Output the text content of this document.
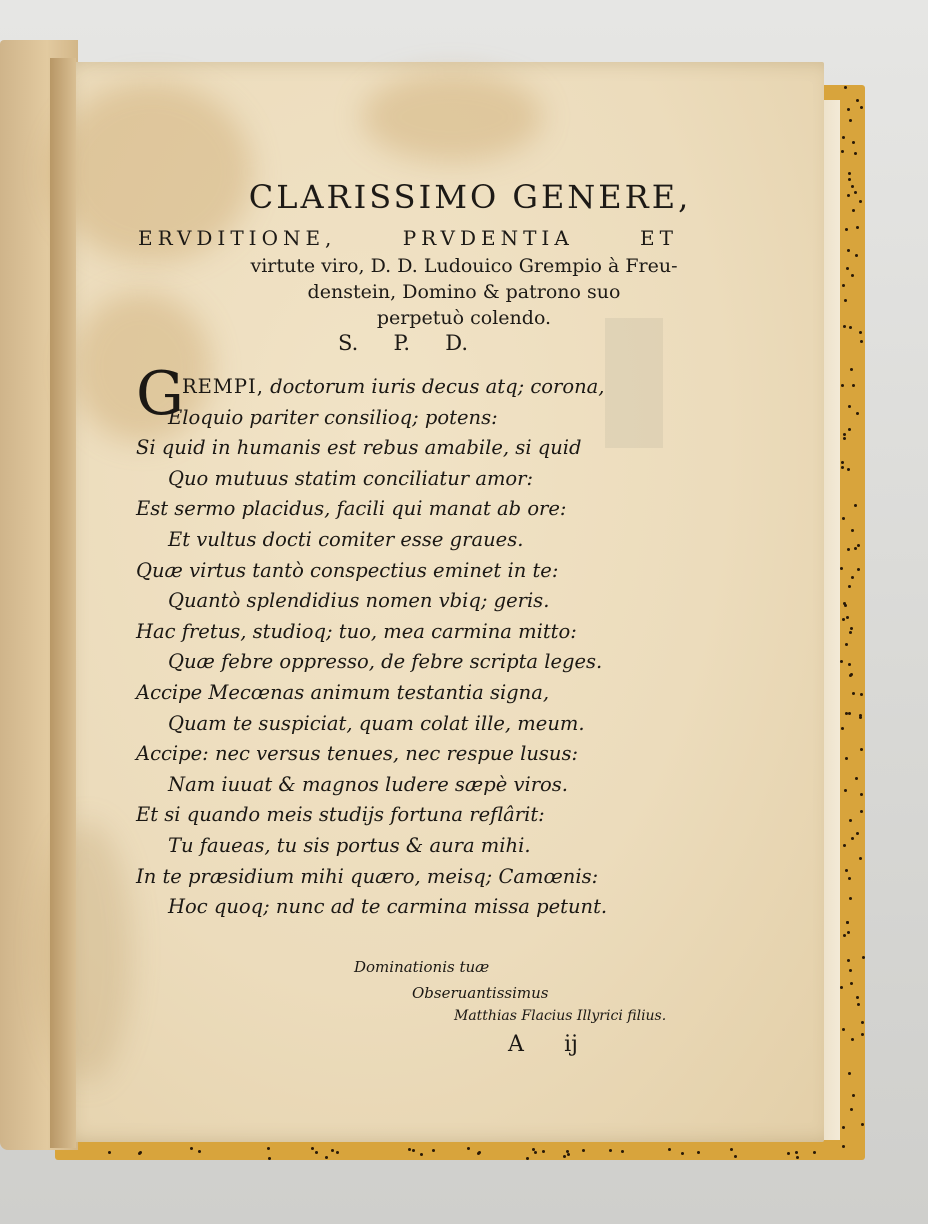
CLARISSIMO GENERE,
ERVDITIONE, PRVDENTIA ET
virtute viro, D. D. Ludouico Grempio à Freu-
denstein, Domino & patrono suo
perpetuò colendo.
S. P. D.
G
REMPI, doctorum iuris decus atq; corona,
Eloquio pariter consilioq; potens:
Si quid in humanis est rebus amabile, si quid
Quo mutuus statim conciliatur amor:
Est sermo placidus, facili qui manat ab ore:
Et vultus docti comiter esse graues.
Quæ virtus tantò conspectius eminet in te:
Quantò splendidius nomen vbiq; geris.
Hac fretus, studioq; tuo, mea carmina mitto:
Quæ febre oppresso, de febre scripta leges.
Accipe Mecœnas animum testantia signa,
Quam te suspiciat, quam colat ille, meum.
Accipe: nec versus tenues, nec respue lusus:
Nam iuuat & magnos ludere sæpè viros.
Et si quando meis studijs fortuna reflârit:
Tu faueas, tu sis portus & aura mihi.
In te præsidium mihi quæro, meisq; Camœnis:
Hoc quoq; nunc ad te carmina missa petunt.
Dominationis tuæ
Obseruantissimus
Matthias Flacius Illyrici filius.
A ij
